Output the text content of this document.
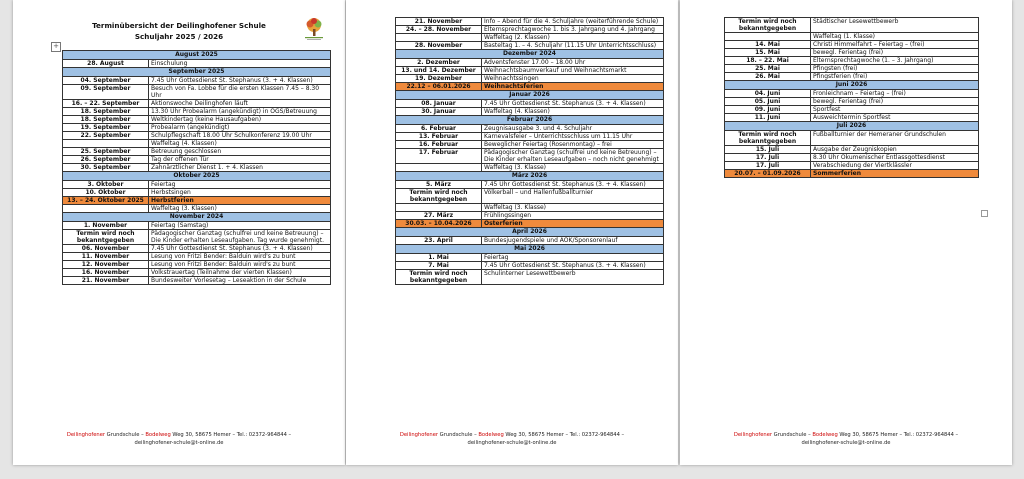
Terminübersicht der Deilinghofener Schule
Schuljahr 2025 / 2026
+
August 2025	
28. August	Einschulung
September 2025	
04. September	7.45 Uhr Gottesdienst St. Stephanus (3. + 4. Klassen)
09. September	Besuch von Fa. Lobbe für die ersten Klassen 7.45 – 8.30 Uhr
16. – 22. September	Aktionswoche Deilinghofen läuft
18. September	13.30 Uhr Probealarm (angekündigt) in OGS/Betreuung
18. September	Weltkindertag (keine Hausaufgaben)
19. September	Probealarm (angekündigt)
22. September	Schulpflegschaft 18.00 Uhr Schulkonferenz 19.00 Uhr
	Waffeltag (4. Klassen)
25. September	Betreuung geschlossen
26. September	Tag der offenen Tür
30. September	Zahnärztlicher Dienst 1. + 4. Klassen
Oktober 2025	
3. Oktober	Feiertag
10. Oktober	Herbstsingen
13. – 24. Oktober 2025	Herbstferien
	Waffeltag (3. Klassen)
November 2024	
1. November	Feiertag (Samstag)
Termin wird noch bekanntgegeben	Pädagogischer Ganztag (schulfrei und keine Betreuung) – Die Kinder erhalten Leseaufgaben. Tag wurde genehmigt.
06. November	7.45 Uhr Gottesdienst St. Stephanus (3. + 4. Klassen)
11. November	Lesung von Fritzi Bender: Balduin wird's zu bunt
12. November	Lesung von Fritzi Bender: Balduin wird's zu bunt
16. November	Volkstrauertag (Teilnahme der vierten Klassen)
21. November	Bundesweiter Vorlesetag – Leseaktion in der Schule
Deilinghofener Grundschule – Bodelweg Weg 30, 58675 Hemer – Tel.: 02372-964844 –
deilinghofener-schule@t-online.de
21. November	Info – Abend für die 4. Schuljahre (weiterführende Schule)
24. – 28. November	Elternsprechtagwoche 1. bis 3. Jahrgang und 4. Jahrgang
	Waffeltag (2. Klassen)
28. November	Basteltag 1. – 4. Schuljahr (11.15 Uhr Unterrichtsschluss)
Dezember 2024	
2. Dezember	Adventsfenster 17.00 – 18.00 Uhr
13. und 14. Dezember	Weihnachtsbaumverkauf und Weihnachtsmarkt
19. Dezember	Weihnachtssingen
22.12 – 06.01.2026	Weihnachtsferien
Januar 2026	
08. Januar	7.45 Uhr Gottesdienst St. Stephanus (3. + 4. Klassen)
30. Januar	Waffeltag (4. Klassen)
Februar 2026	
6. Februar	Zeugnisausgabe 3. und 4. Schuljahr
13. Februar	Karnevalsfeier – Unterrichtsschluss um 11.15 Uhr
16. Februar	Beweglicher Feiertag (Rosenmontag) – frei
17. Februar	Pädagogischer Ganztag (schulfrei und keine Betreuung) – Die Kinder erhalten Leseaufgaben – noch nicht genehmigt
	Waffeltag (3. Klasse)
März 2026	
5. März	7.45 Uhr Gottesdienst St. Stephanus (3. + 4. Klassen)
Termin wird noch bekanntgegeben	Völkerball – und Hallenfußballturnier
	Waffeltag (3. Klasse)
27. März	Frühlingssingen
30.03. – 10.04.2026	Osterferien
April 2026	
23. April	Bundesjugendspiele und AOK/Sponsorenlauf
Mai 2026	
1. Mai	Feiertag
7. Mai	7.45 Uhr Gottesdienst St. Stephanus (3. + 4. Klassen)
Termin wird noch bekanntgegeben	Schulinterner Lesewettbewerb
Deilinghofener Grundschule – Bodelweg Weg 30, 58675 Hemer – Tel.: 02372-964844 –
deilinghofener-schule@t-online.de
Termin wird noch bekanntgegeben	Städtischer Lesewettbewerb
	Waffeltag (1. Klasse)
14. Mai	Christi Himmelfahrt – Feiertag – (frei)
15. Mai	bewegl. Ferientag (frei)
18. – 22. Mai	Elternsprechtagwoche (1. – 3. Jahrgang)
25. Mai	Pfingsten (frei)
26. Mai	Pfingstferien (frei)
Juni 2026	
04. Juni	Fronleichnam – Feiertag – (frei)
05. Juni	bewegl. Ferientag (frei)
09. Juni	Sportfest
11. Juni	Ausweichtermin Sportfest
Juli 2026	
Termin wird noch bekanntgegeben	Fußballturnier der Hemeraner Grundschulen
15. Juli	Ausgabe der Zeugniskopien
17. Juli	8.30 Uhr Ökumenischer Entlassgottesdienst
17. Juli	Verabschiedung der Viertklässler
20.07. – 01.09.2026	Sommerferien
Deilinghofener Grundschule – Bodelweg Weg 30, 58675 Hemer – Tel.: 02372-964844 –
deilinghofener-schule@t-online.de
